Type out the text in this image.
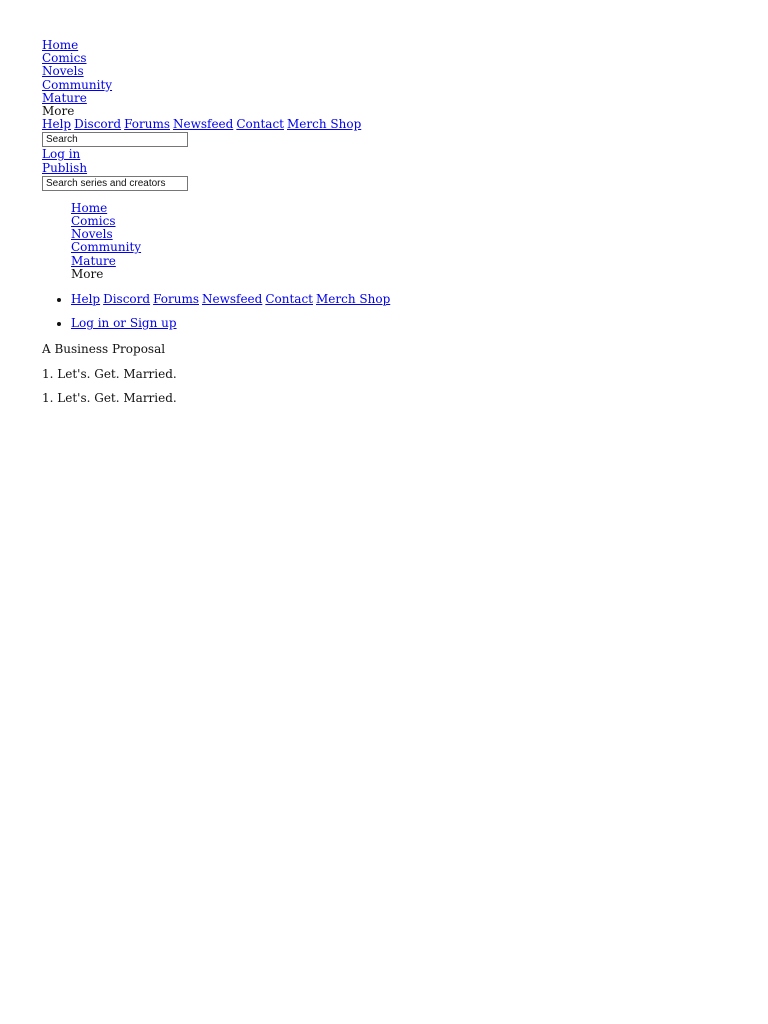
Home
Comics
Novels
Community
Mature
More
Help Discord Forums Newsfeed Contact Merch Shop
Search
Log in
Publish
Search series and creators
Home
Comics
Novels
Community
Mature
More
• Help Discord Forums Newsfeed Contact Merch Shop
• Log in or Sign up
A Business Proposal
1. Let's. Get. Married.
1. Let's. Get. Married.
